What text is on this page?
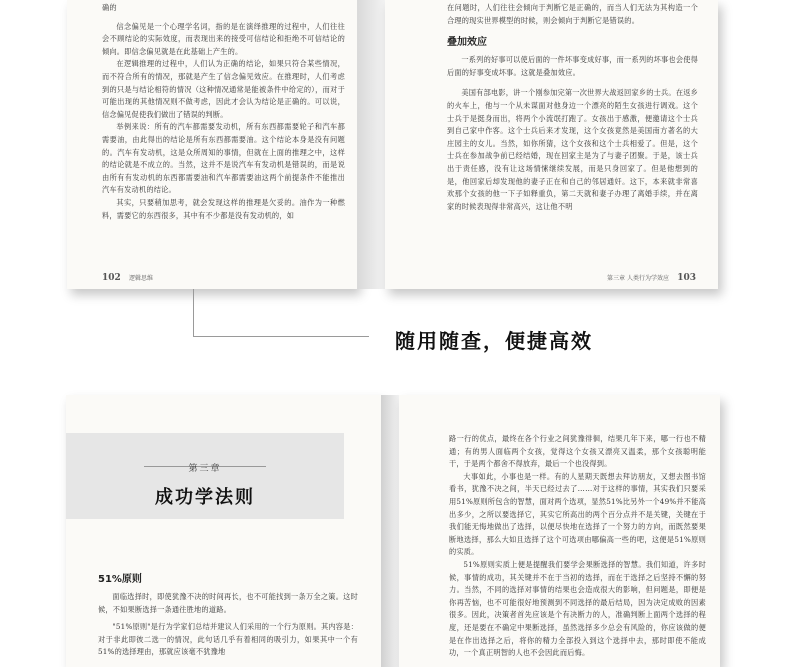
确的

信念偏见是一个心理学名词，指的是在演绎推理的过程中，人们往往会不顾结论的实际效度，而表现出来的接受可信结论和拒绝不可信结论的倾向。即信念偏见就是在此基础上产生的。

在逻辑推理的过程中，人们认为正确的结论，如果只符合某些情况，而不符合所有的情况，那就是产生了信念偏见效应。在推理时，人们考虑到的只是与结论相符的情况（这种情况通常是能被条件中给定的），而对于可能出现的其他情况则不做考虑，因此才会认为结论是正确的。可以说，信念偏见促使我们做出了错误的判断。

举例来说：所有的汽车都需要发动机，所有东西都需要轮子和汽车都需要油，由此得出的结论是所有东西都需要油。这个结论本身是没有问题的。汽车有发动机，这是众所周知的事情，但就在上面的推理之中，这样的结论就是不成立的。当然，这并不是说汽车有发动机是错误的，而是说由所有有发动机的东西都需要油和汽车都需要油这两个前提条件不能推出汽车有发动机的结论。

其实，只要稍加思考，就会发现这样的推理是欠妥的。油作为一种燃料，需要它的东西很多，其中有不少都是没有发动机的，如

102 逻辑思维

在问题时，人们往往会倾向于判断它是正确的，而当人们无法为其构造一个合理的现实世界模型的时候，则会倾向于判断它是错误的。

叠加效应

一系列的好事可以使后面的一件坏事变成好事，而一系列的坏事也会使得后面的好事变成坏事。这就是叠加效应。

美国有部电影，讲一个刚参加完第一次世界大战返回家乡的士兵。在返乡的火车上，他与一个从未谋面对他身边一个漂亮的陌生女孩进行调戏。这个士兵于是挺身而出，将两个小流氓打跑了。女孩出于感激，便邀请这个士兵到自己家中作客。这个士兵后来才发现，这个女孩竟然是美国南方著名的大庄园主的女儿。当然，如你所猜，这个女孩和这个士兵相爱了。但是，这个士兵在参加战争前已经结婚，现在回家主是为了与妻子团聚。于是，该士兵出于责任感，没有让这场情愫继续发展，而是只身回家了。但是他想到的是，他回家后却发现他的妻子正在和自己的邻居通奸。这下，本来就非常喜欢那个女孩的他一下子如释重负，第二天就和妻子办理了离婚手续，并在离家的时候表现得非常高兴，这让他不明

第三章 人类行为学效应 103
随用随查，便捷高效
第三章
成功学法则
51%原则

面临选择时，即使犹豫不决的时间再长，也不可能找到一条万全之策。这时候，不如果断选择一条通往胜地的道路。

"51%原则"是行为学家们总结并建议人们采用的一个行为原则。其内容是：对于非此即彼二选一的情况，此句话几乎有着相同的吸引力，如果其中一个有51%的选择理由，那就应该毫不犹豫地

路一行的优点，最终在各个行业之间犹豫徘徊，结果几年下来，哪一行也不精通；有的男人面临两个女孩，觉得这个女孩又漂亮又温柔，那个女孩聪明能干，于是两个都舍不得放弃，最后一个也没得到。

大事如此，小事也是一样。有的人星期天既想去拜访朋友，又想去图书馆看书，犹豫不决之间，半天已经过去了……对于这样的事情，其实我们只要采用51%原则所包含的智慧，面对两个选项，显然51%比另外一个49%并不能高出多少，之所以要选择它，其实它所高出的两个百分点并不是关键，关键在于我们能无悔地做出了选择，以便尽快地在选择了一个努力的方向，而既然要果断地选择，那么大如且选择了这个可选项由哪偏高一些的吧，这便是51%原则的实质。

51%原则实质上便是提醒我们要学会果断选择的智慧。我们知道，许多时候，事情的成功，其关键并不在于当初的选择，而在于选择之后坚持不懈的努力。当然，不同的选择对事情的结果也会造成很大的影响，但问题是，即便是你再苦恼，也不可能很好地预测到不同选择的最后结局，因为决定成败的因素很多。因此，决策者首先应该是个有决断力的人，准确判断上面两个选择的程度，还是要在不确定中果断选择，虽然选择多少总会有风险的，你应该做的便是在作出选择之后，将你的精力全部投入到这个选择中去，那时即使不能成功，一个真正明智的人也不会因此而后悔。
